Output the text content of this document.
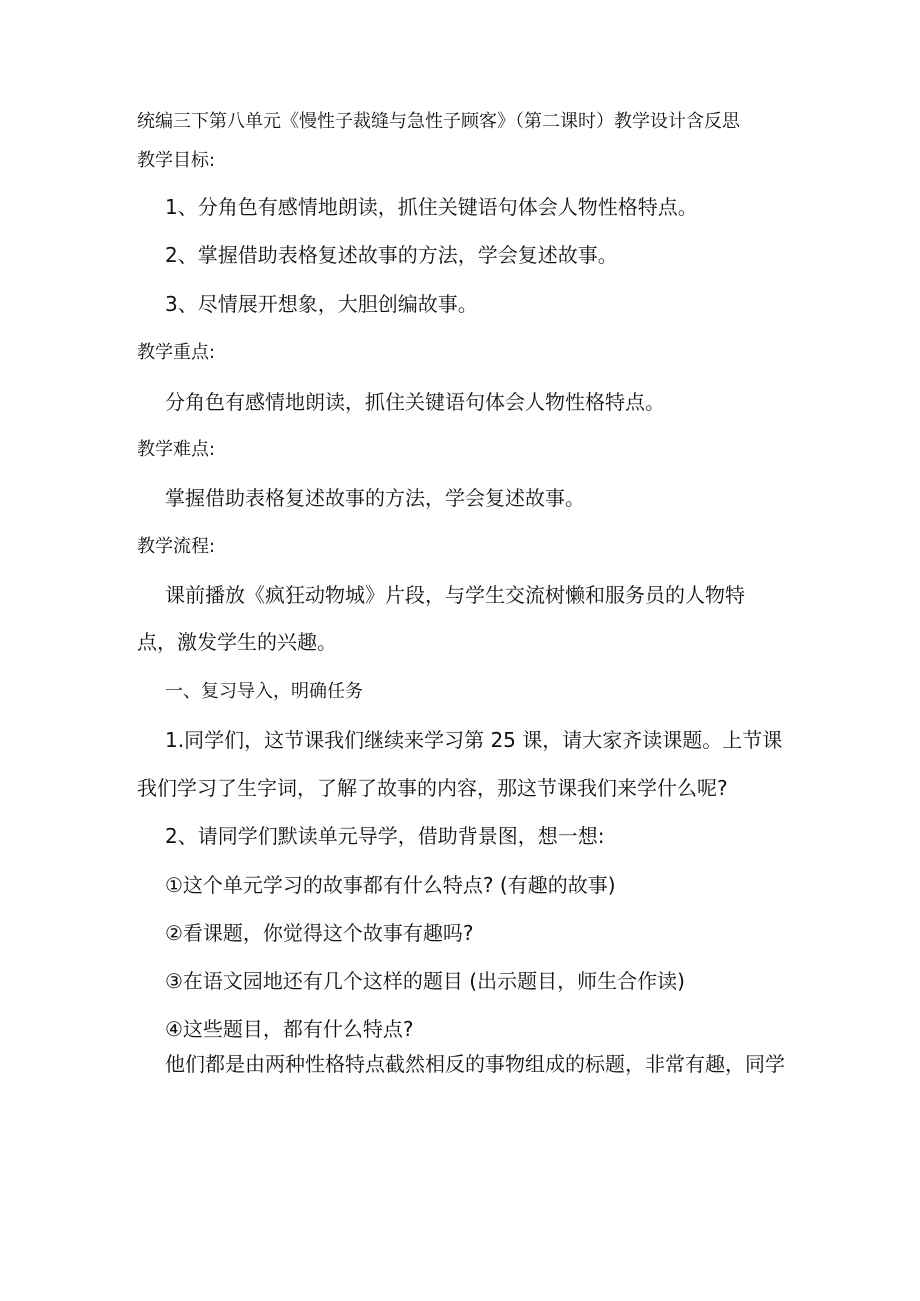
统编三下第八单元《慢性子裁缝与急性子顾客》（第二课时）教学设计含反思
教学目标:
1、分角色有感情地朗读，抓住关键语句体会人物性格特点。
2、掌握借助表格复述故事的方法，学会复述故事。
3、尽情展开想象，大胆创编故事。
教学重点:
分角色有感情地朗读，抓住关键语句体会人物性格特点。
教学难点:
掌握借助表格复述故事的方法，学会复述故事。
教学流程:
课前播放《疯狂动物城》片段，与学生交流树懒和服务员的人物特
点，激发学生的兴趣。
一、复习导入，明确任务
1.同学们，这节课我们继续来学习第 25 课，请大家齐读课题。上节课
我们学习了生字词，了解了故事的内容，那这节课我们来学什么呢?
2、请同学们默读单元导学，借助背景图，想一想:
①这个单元学习的故事都有什么特点? (有趣的故事)
②看课题，你觉得这个故事有趣吗?
③在语文园地还有几个这样的题目 (出示题目，师生合作读)
④这些题目，都有什么特点?
他们都是由两种性格特点截然相反的事物组成的标题，非常有趣，同学
